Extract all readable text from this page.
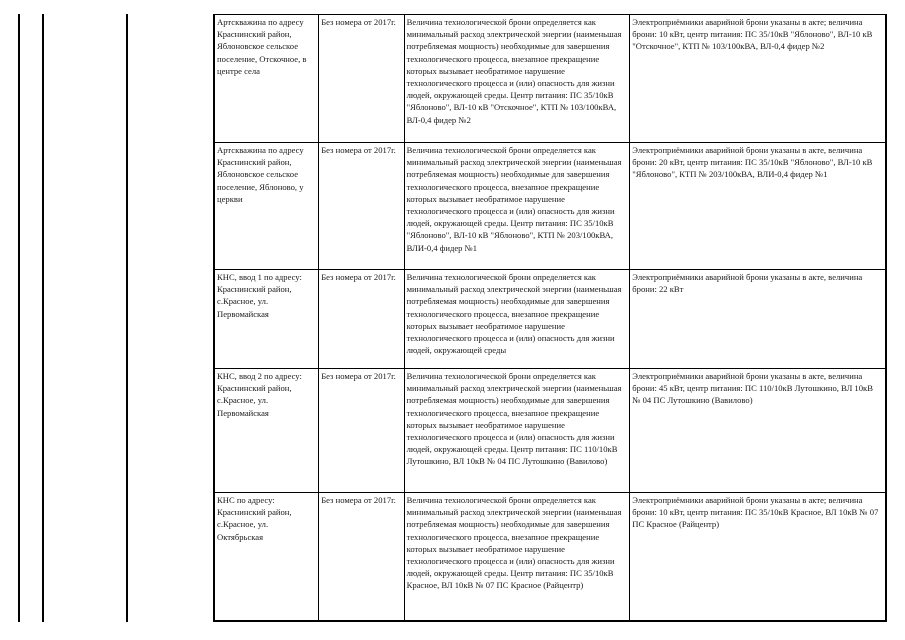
Артскважина по адресу Краснинский район, Яблоновское сельское поселение, Отскочное, в центре села	Без номера от 2017г.	Величина технологической брони определяется как минимальный расход электрической энергии (наименьшая потребляемая мощность) необходимые для завершения технологического процесса, внезапное прекращение которых вызывает необратимое нарушение технологического процесса и (или) опасность для жизни людей, окружающей среды. Центр питания: ПС 35/10кВ "Яблоново", ВЛ-10 кВ "Отскочное", КТП № 103/100кВА, ВЛ-0,4 фидер №2	Электроприёмники аварийной брони указаны в акте; величина брони: 10 кВт, центр питания: ПС 35/10кВ "Яблоново", ВЛ-10 кВ "Отскочное", КТП № 103/100кВА, ВЛ-0,4 фидер №2
Артскважина по адресу Краснинский район, Яблоновское сельское поселение, Яблоново, у церкви	Без номера от 2017г.	Величина технологической брони определяется как минимальный расход электрической энергии (наименьшая потребляемая мощность) необходимые для завершения технологического процесса, внезапное прекращение которых вызывает необратимое нарушение технологического процесса и (или) опасность для жизни людей, окружающей среды. Центр питания: ПС 35/10кВ "Яблоново", ВЛ-10 кВ "Яблоново", КТП № 203/100кВА, ВЛИ-0,4 фидер №1	Электроприёмники аварийной брони указаны в акте, величина брони: 20 кВт, центр питания: ПС 35/10кВ "Яблоново", ВЛ-10 кВ "Яблоново", КТП № 203/100кВА, ВЛИ-0,4 фидер №1
КНС, ввод 1 по адресу: Краснинский район, с.Красное, ул. Первомайская	Без номера от 2017г.	Величина технологической брони определяется как минимальный расход электрической энергии (наименьшая потребляемая мощность) необходимые для завершения технологического процесса, внезапное прекращение которых вызывает необратимое нарушение технологического процесса и (или) опасность для жизни людей, окружающей среды	Электроприёмники аварийной брони указаны в акте, величина брони: 22 кВт
КНС, ввод 2 по адресу: Краснинский район, с.Красное, ул. Первомайская	Без номера от 2017г.	Величина технологической брони определяется как минимальный расход электрической энергии (наименьшая потребляемая мощность) необходимые для завершения технологического процесса, внезапное прекращение которых вызывает необратимое нарушение технологического процесса и (или) опасность для жизни людей, окружающей среды. Центр питания: ПС 110/10кВ Лутошкино, ВЛ 10кВ № 04 ПС Лутошкино (Вавилово)	Электроприёмники аварийной брони указаны в акте, величина брони: 45 кВт, центр питания: ПС 110/10кВ Лутошкино, ВЛ 10кВ № 04 ПС Лутошкино (Вавилово)
КНС по адресу: Краснинский район, с.Красное, ул. Октябрьская	Без номера от 2017г.	Величина технологической брони определяется как минимальный расход электрической энергии (наименьшая потребляемая мощность) необходимые для завершения технологического процесса, внезапное прекращение которых вызывает необратимое нарушение технологического процесса и (или) опасность для жизни людей, окружающей среды. Центр питания: ПС 35/10кВ Красное, ВЛ 10кВ № 07 ПС Красное (Райцентр)	Электроприёмники аварийной брони указаны в акте; величина брони: 10 кВт, центр питания: ПС 35/10кВ Красное, ВЛ 10кВ № 07 ПС Красное (Райцентр)
